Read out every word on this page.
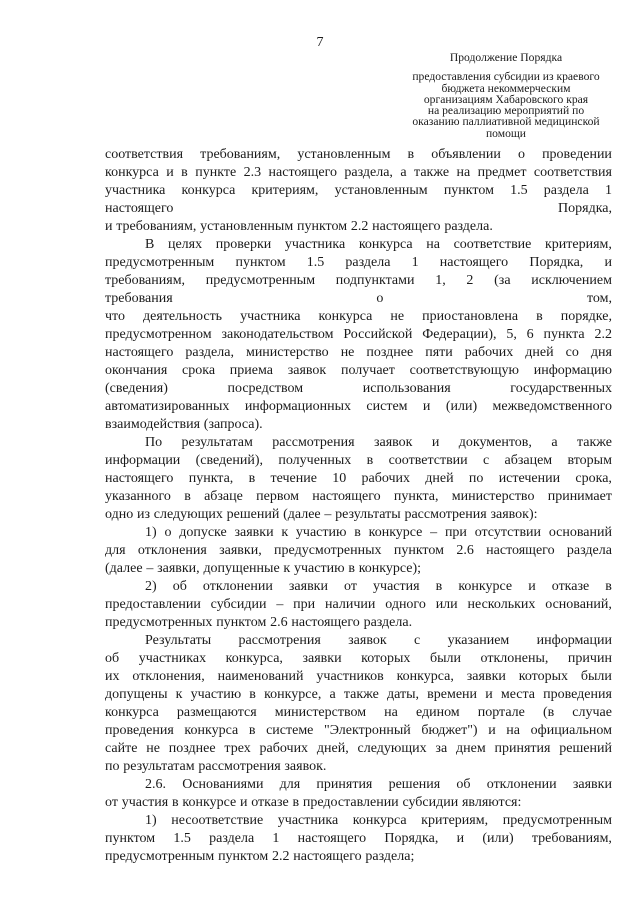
7
Продолжение Порядка
предоставления субсидии из краевого
бюджета некоммерческим
организациям Хабаровского края
на реализацию мероприятий по
оказанию паллиативной медицинской
помощи
соответствия требованиям, установленным в объявлении о проведении
конкурса и в пункте 2.3 настоящего раздела, а также на предмет соответствия
участника конкурса критериям, установленным пунктом 1.5 раздела 1
настоящего	Порядка,
и требованиям, установленным пунктом 2.2 настоящего раздела.
В целях проверки участника конкурса на соответствие критериям,
предусмотренным пунктом 1.5 раздела 1 настоящего Порядка, и
требованиям, предусмотренным подпунктами 1, 2 (за исключением
требования	о	том,
что деятельность участника конкурса не приостановлена в порядке,
предусмотренном законодательством Российской Федерации), 5, 6 пункта 2.2
настоящего раздела, министерство не позднее пяти рабочих дней со дня
окончания срока приема заявок получает соответствующую информацию
(сведения)	посредством	использования	государственных
автоматизированных информационных систем и (или) межведомственного
взаимодействия (запроса).
По результатам рассмотрения заявок и документов, а также
информации (сведений), полученных в соответствии с абзацем вторым
настоящего пункта, в течение 10 рабочих дней по истечении срока,
указанного в абзаце первом настоящего пункта, министерство принимает
одно из следующих решений (далее – результаты рассмотрения заявок):
1) о допуске заявки к участию в конкурсе – при отсутствии оснований
для отклонения заявки, предусмотренных пунктом 2.6 настоящего раздела
(далее – заявки, допущенные к участию в конкурсе);
2) об отклонении заявки от участия в конкурсе и отказе в
предоставлении субсидии – при наличии одного или нескольких оснований,
предусмотренных пунктом 2.6 настоящего раздела.
Результаты рассмотрения заявок с указанием информации
об участниках конкурса, заявки которых были отклонены, причин
их отклонения, наименований участников конкурса, заявки которых были
допущены к участию в конкурсе, а также даты, времени и места проведения
конкурса размещаются министерством на едином портале (в случае
проведения конкурса в системе "Электронный бюджет") и на официальном
сайте не позднее трех рабочих дней, следующих за днем принятия решений
по результатам рассмотрения заявок.
2.6. Основаниями для принятия решения об отклонении заявки
от участия в конкурсе и отказе в предоставлении субсидии являются:
1) несоответствие участника конкурса критериям, предусмотренным
пунктом 1.5 раздела 1 настоящего Порядка, и (или) требованиям,
предусмотренным пунктом 2.2 настоящего раздела;
